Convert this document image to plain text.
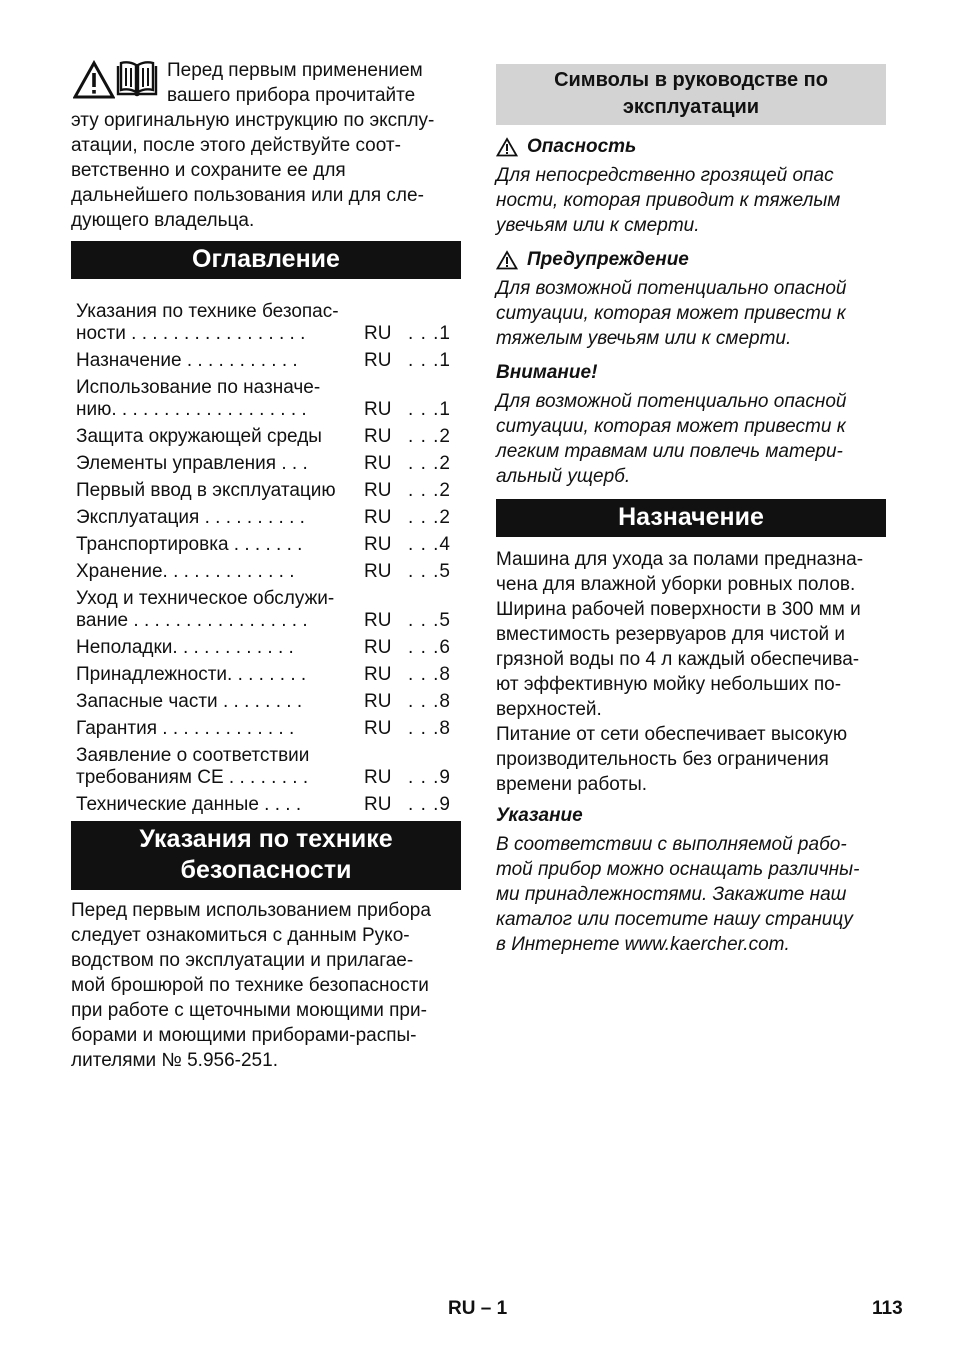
Перед первым применением
вашего прибора прочитайте
эту оригинальную инструкцию по эксплу-
атации, после этого действуйте соот-
ветственно и сохраните ее для
дальнейшего пользования или для сле-
дующего владельца.
Оглавление
Указания по технике безопас-
ности . . . . . . . . . . . . . . . . .	RU . . .1
Назначение . . . . . . . . . . .	RU . . .1
Использование по назначе-
нию. . . . . . . . . . . . . . . . . . .	RU . . .1
Защита окружающей среды	RU . . .2
Элементы управления . . .	RU . . .2
Первый ввод в эксплуатацию	RU . . .2
Эксплуатация . . . . . . . . . .	RU . . .2
Транспортировка . . . . . . .	RU . . .4
Хранение. . . . . . . . . . . . .	RU . . .5
Уход и техническое обслужи-
вание . . . . . . . . . . . . . . . . .	RU . . .5
Неполадки. . . . . . . . . . . .	RU . . .6
Принадлежности. . . . . . . .	RU . . .8
Запасные части . . . . . . . .	RU . . .8
Гарантия . . . . . . . . . . . . .	RU . . .8
Заявление о соответствии
требованиям CE . . . . . . . .	RU . . .9
Технические данные . . . .	RU . . .9
Указания по технике
безопасности

Перед первым использованием прибора
следует ознакомиться с данным Руко-
водством по эксплуатации и прилагае-
мой брошюрой по технике безопасности
при работе с щеточными моющими при-
борами и моющими приборами-распы-
лителями № 5.956-251.

Символы в руководстве по
эксплуатации
Опасность

Для непосредственно грозящей опас
ности, которая приводит к тяжелым
увечьям или к смерти.

Предупреждение

Для возможной потенциально опасной
ситуации, которая может привести к
тяжелым увечьям или к смерти.

Внимание!

Для возможной потенциально опасной
ситуации, которая может привести к
легким травмам или повлечь матери-
альный ущерб.

Назначение

Машина для ухода за полами предназна-
чена для влажной уборки ровных полов.
Ширина рабочей поверхности в 300 мм и
вместимость резервуаров для чистой и
грязной воды по 4 л каждый обеспечива-
ют эффективную мойку небольших по-
верхностей.

Питание от сети обеспечивает высокую
производительность без ограничения
времени работы.

Указание

В соответствии с выполняемой рабо-
той прибор можно оснащать различны-
ми принадлежностями. Закажите наш
каталог или посетите нашу страницу
в Интернете www.kaercher.com.

RU – 1	113
